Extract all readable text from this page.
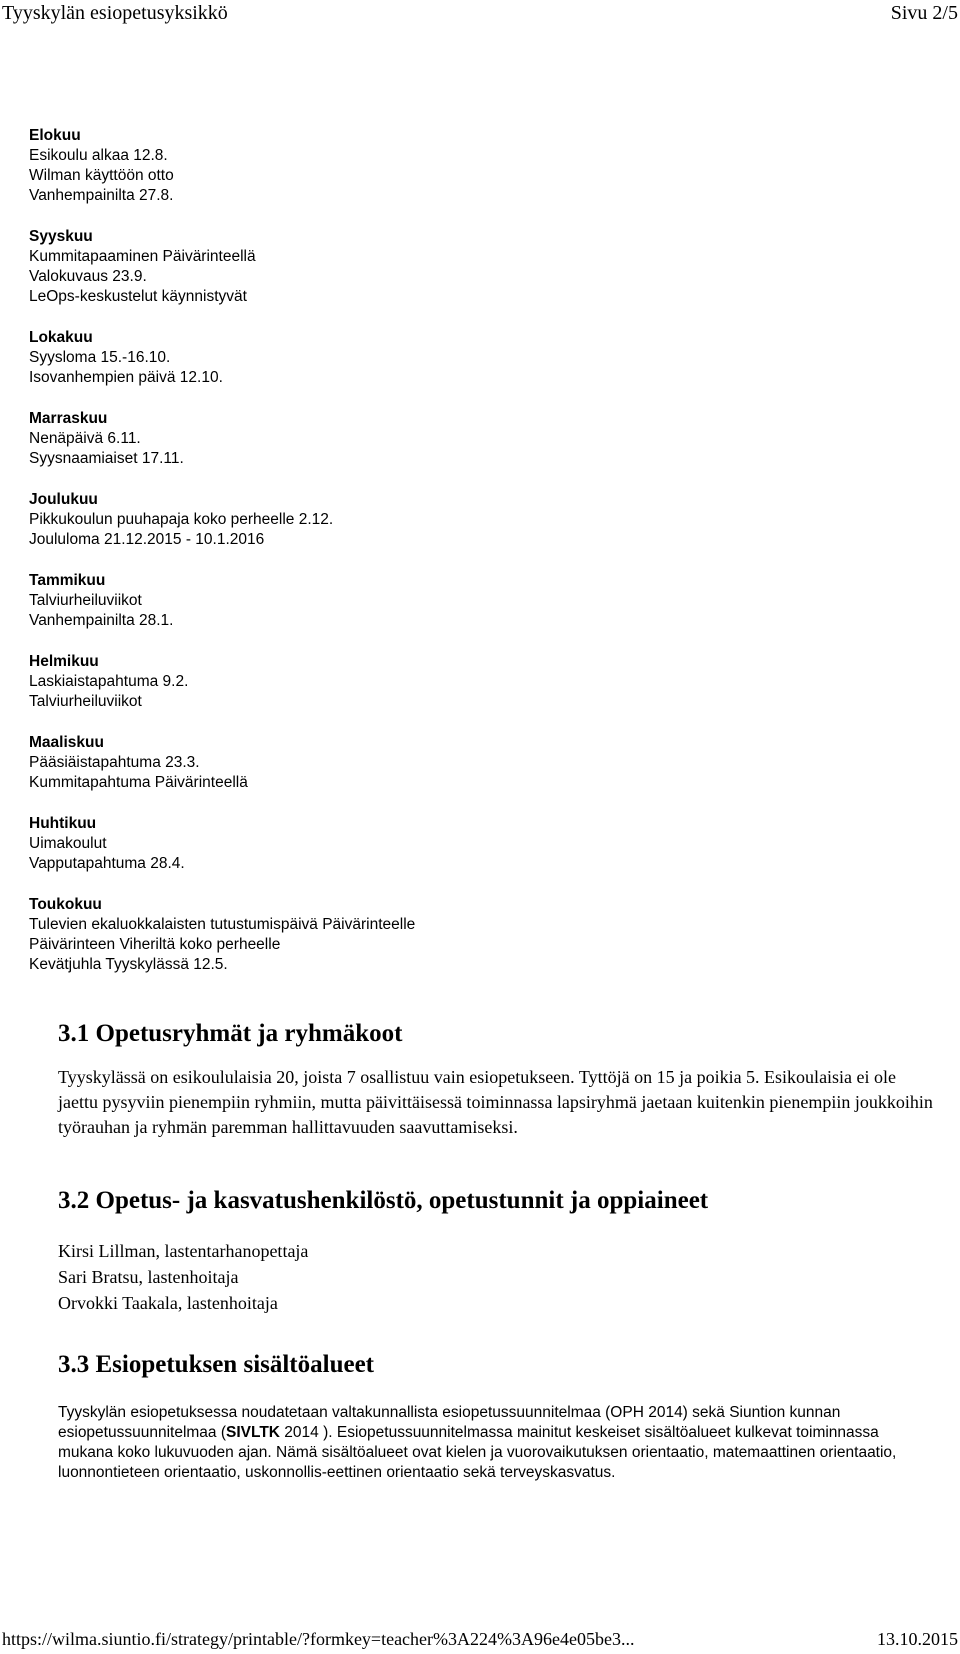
Tyyskylän esiopetusyksikkö	Sivu 2/5
Elokuu
Esikoulu alkaa 12.8.
Wilman käyttöön otto
Vanhempainilta 27.8.
Syyskuu
Kummitapaaminen Päivärinteellä
Valokuvaus 23.9.
LeOps-keskustelut käynnistyvät
Lokakuu
Syysloma 15.-16.10.
Isovanhempien päivä 12.10.
Marraskuu
Nenäpäivä 6.11.
Syysnaamiaiset 17.11.
Joulukuu
Pikkukoulun puuhapaja koko perheelle 2.12.
Joululoma 21.12.2015 - 10.1.2016
Tammikuu
Talviurheiluviikot
Vanhempainilta 28.1.
Helmikuu
Laskiaistapahtuma 9.2.
Talviurheiluviikot
Maaliskuu
Pääsiäistapahtuma 23.3.
Kummitapahtuma Päivärinteellä
Huhtikuu
Uimakoulut
Vapputapahtuma 28.4.
Toukokuu
Tulevien ekaluokkalaisten tutustumispäivä Päivärinteelle
Päivärinteen Viheriltä koko perheelle
Kevätjuhla Tyyskylässä 12.5.
3.1 Opetusryhmät ja ryhmäkoot

Tyyskylässä on esikoululaisia 20, joista 7 osallistuu vain esiopetukseen. Tyttöjä on 15 ja poikia 5. Esikoulaisia ei ole jaettu pysyviin pienempiin ryhmiin, mutta päivittäisessä toiminnassa lapsiryhmä jaetaan kuitenkin pienempiin joukkoihin työrauhan ja ryhmän paremman hallittavuuden saavuttamiseksi.

3.2 Opetus- ja kasvatushenkilöstö, opetustunnit ja oppiaineet
Kirsi Lillman, lastentarhanopettaja
Sari Bratsu, lastenhoitaja
Orvokki Taakala, lastenhoitaja
3.3 Esiopetuksen sisältöalueet

Tyyskylän esiopetuksessa noudatetaan valtakunnallista esiopetussuunnitelmaa (OPH 2014) sekä Siuntion kunnan esiopetussuunnitelmaa (SIVLTK 2014 ). Esiopetussuunnitelmassa mainitut keskeiset sisältöalueet kulkevat toiminnassa mukana koko lukuvuoden ajan. Nämä sisältöalueet ovat kielen ja vuorovaikutuksen orientaatio, matemaattinen orientaatio, luonnontieteen orientaatio, uskonnollis-eettinen orientaatio sekä terveyskasvatus.

https://wilma.siuntio.fi/strategy/printable/?formkey=teacher%3A224%3A96e4e05be3...	13.10.2015
